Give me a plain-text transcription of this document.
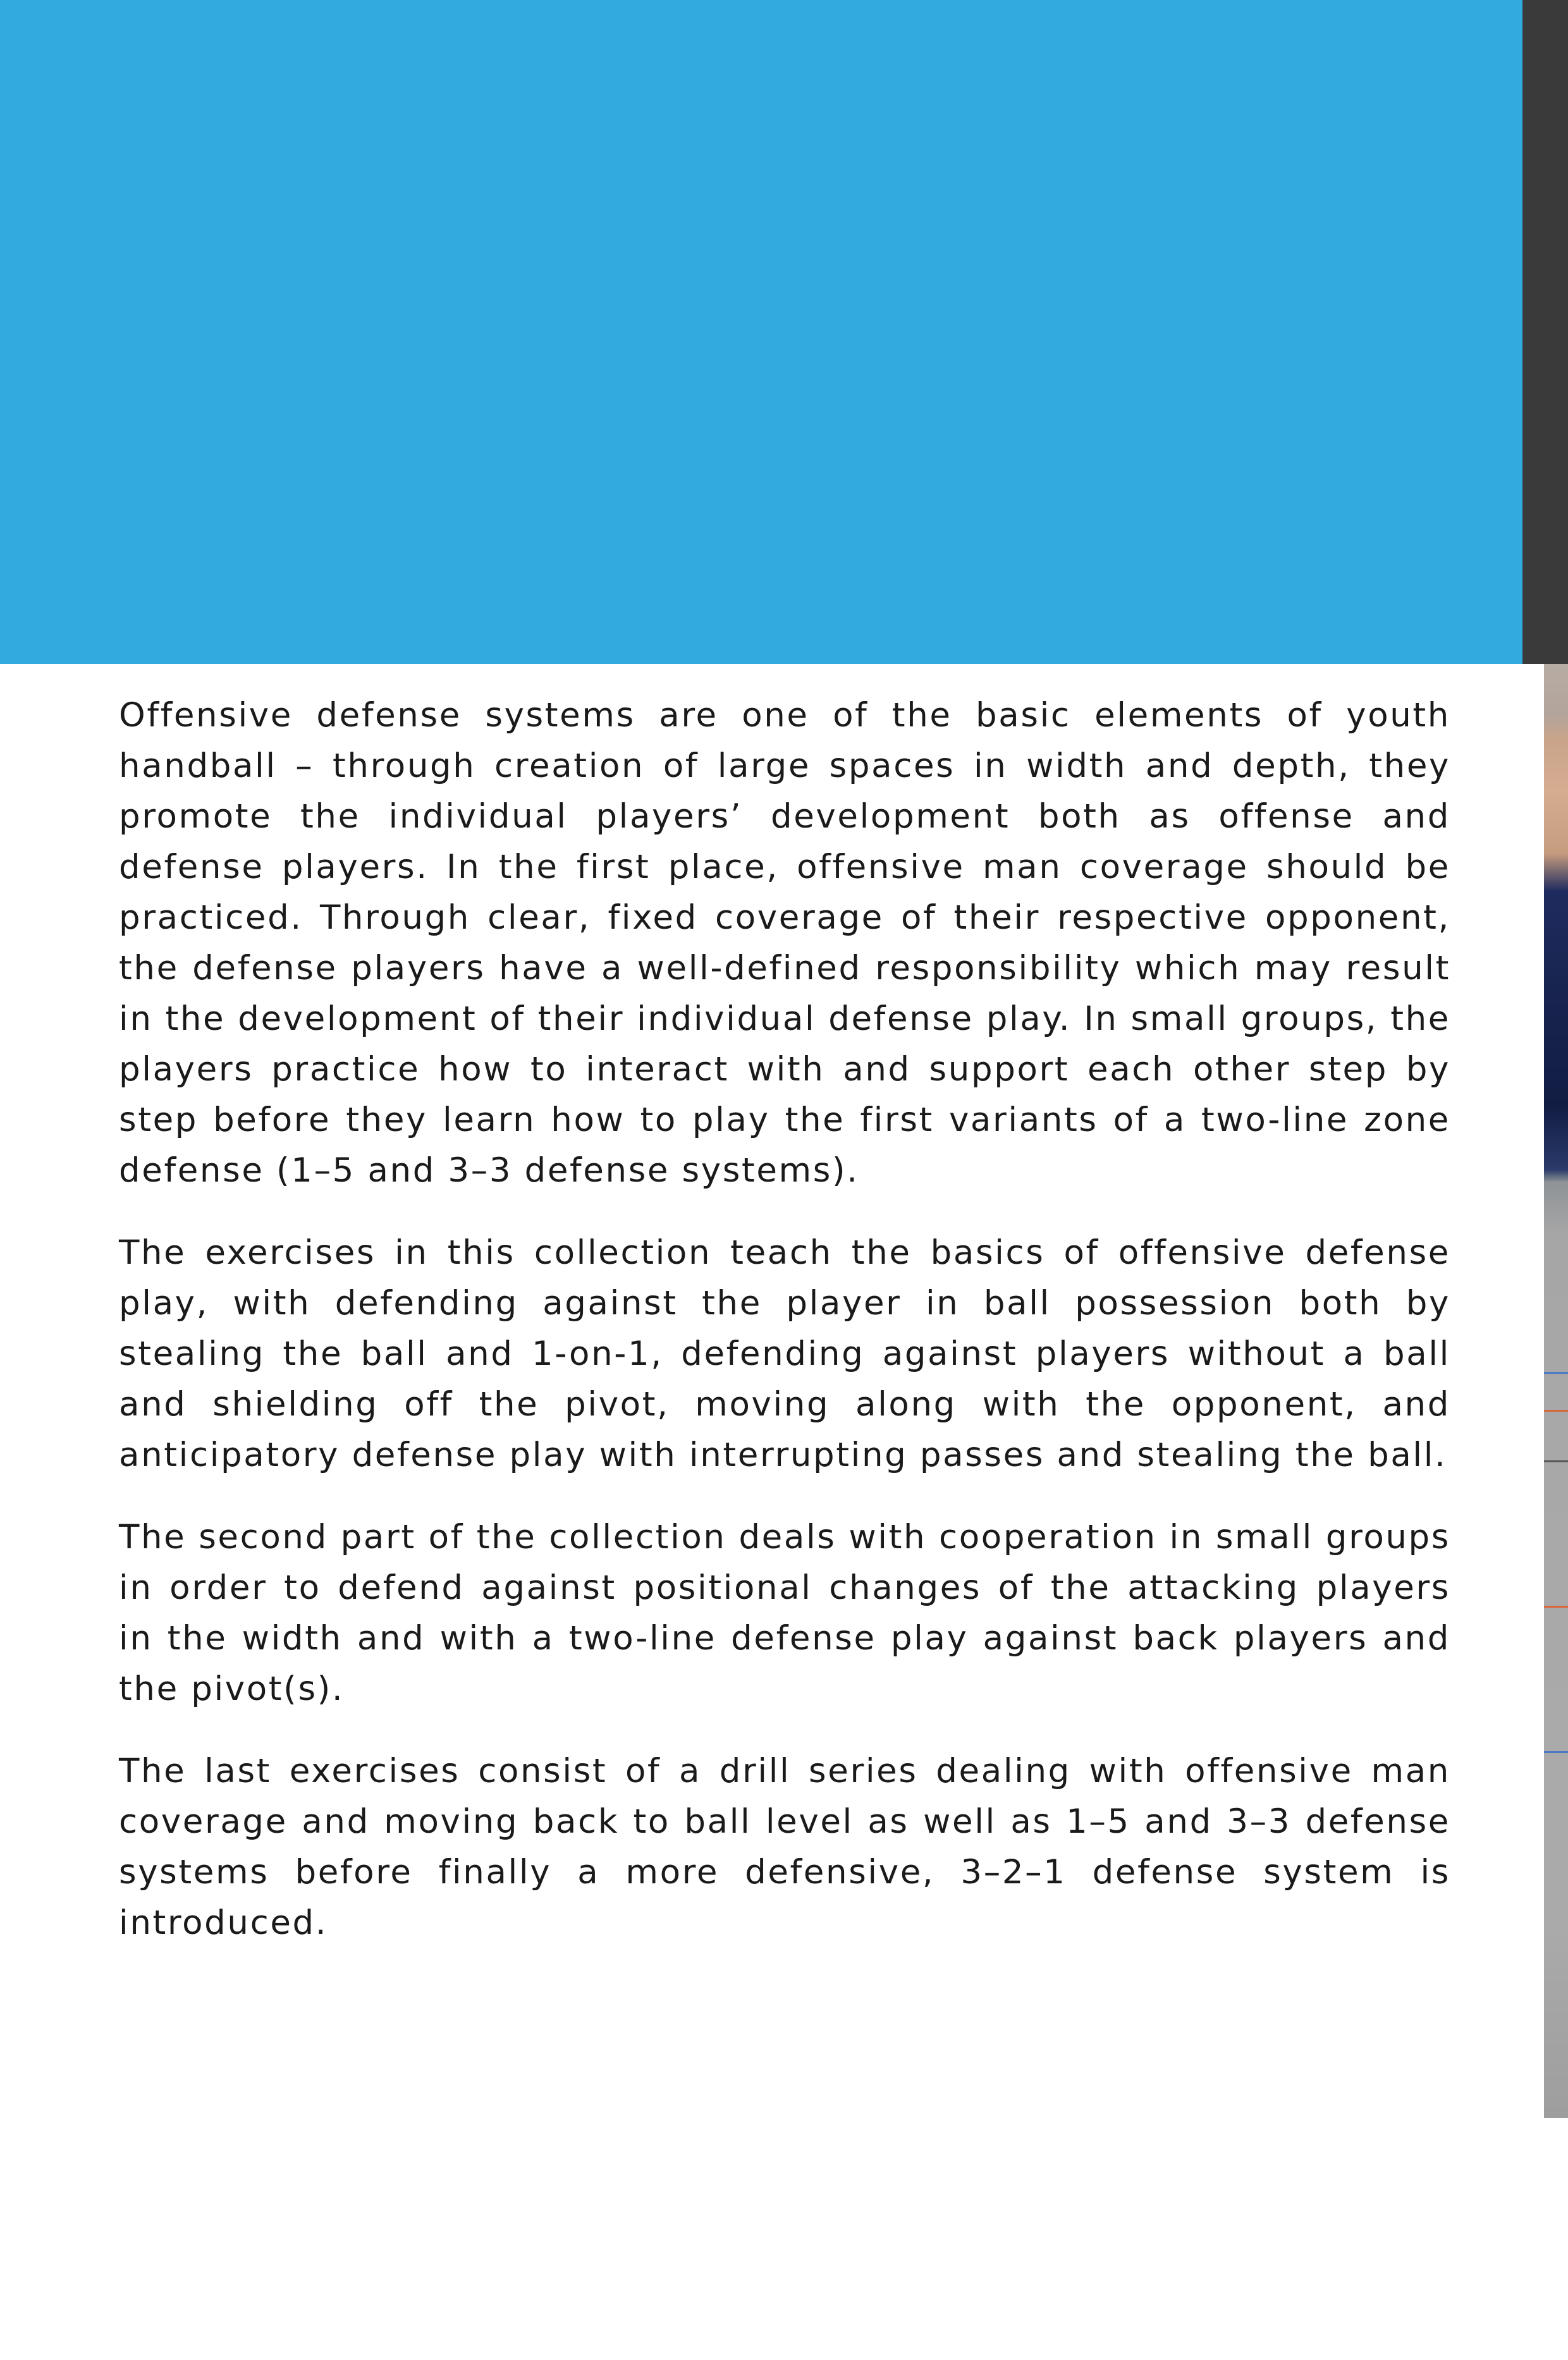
Offensive defense systems are one of the basic elements of youth handball – through creation of large spaces in width and depth, they promote the individual players’ development both as offense and defense players. In the first place, offensive man coverage should be practiced. Through clear, fixed coverage of their respective opponent, the defense players have a well-defined responsibility which may result in the development of their individual defense play. In small groups, the players practice how to interact with and support each other step by step before they learn how to play the first variants of a two-line zone defense (1–5 and 3–3 defense systems).

The exercises in this collection teach the basics of offensive defense play, with defending against the player in ball possession both by stealing the ball and 1-on-1, defending against players without a ball and shielding off the pivot, moving along with the opponent, and anticipatory defense play with interrupting passes and stealing the ball.

The second part of the collection deals with cooperation in small groups in order to defend against positional changes of the attacking players in the width and with a two-line defense play against back players and the pivot(s).

The last exercises consist of a drill series dealing with offensive man coverage and moving back to ball level as well as 1–5 and 3–3 defense systems before finally a more defensive, 3–2–1 defense system is introduced.
